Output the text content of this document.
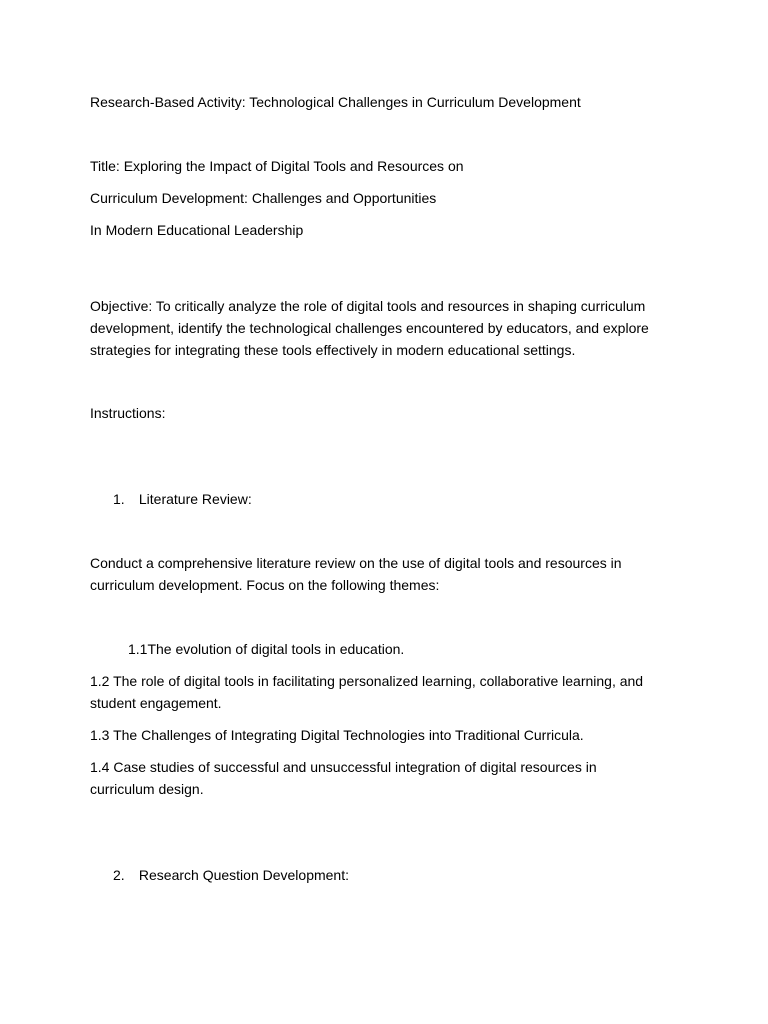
Research-Based Activity: Technological Challenges in Curriculum Development
Title: Exploring the Impact of Digital Tools and Resources on
Curriculum Development: Challenges and Opportunities
In Modern Educational Leadership
Objective: To critically analyze the role of digital tools and resources in shaping curriculum development, identify the technological challenges encountered by educators, and explore strategies for integrating these tools effectively in modern educational settings.
Instructions:
1. Literature Review:
Conduct a comprehensive literature review on the use of digital tools and resources in curriculum development. Focus on the following themes:
1.1The evolution of digital tools in education.
1.2 The role of digital tools in facilitating personalized learning, collaborative learning, and student engagement.
1.3 The Challenges of Integrating Digital Technologies into Traditional Curricula.
1.4 Case studies of successful and unsuccessful integration of digital resources in curriculum design.
2. Research Question Development:
